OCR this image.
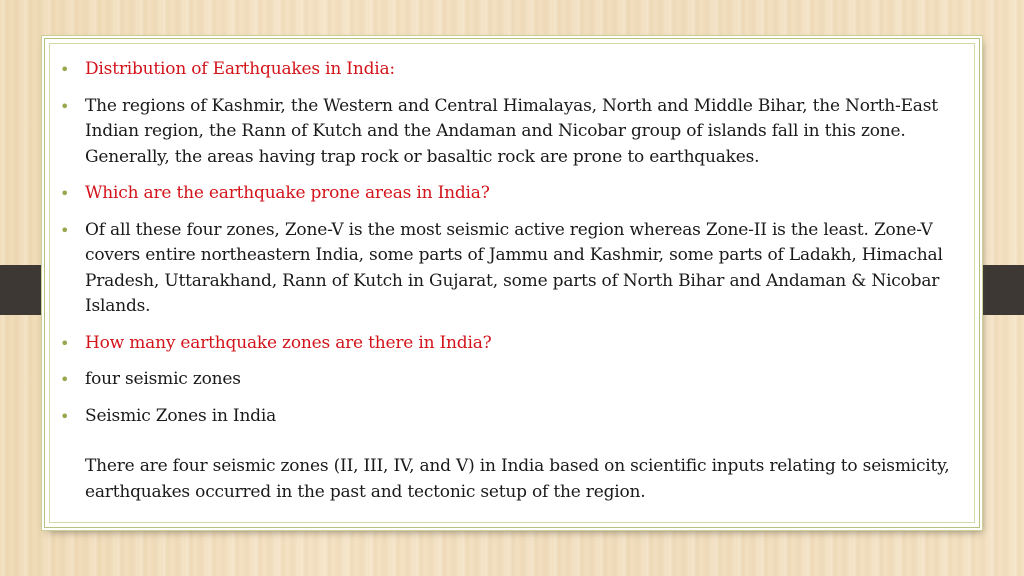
• Distribution of Earthquakes in India:
• The regions of Kashmir, the Western and Central Himalayas, North and Middle Bihar, the North-East Indian region, the Rann of Kutch and the Andaman and Nicobar group of islands fall in this zone. Generally, the areas having trap rock or basaltic rock are prone to earthquakes.
• Which are the earthquake prone areas in India?
• Of all these four zones, Zone-V is the most seismic active region whereas Zone-II is the least. Zone-V covers entire northeastern India, some parts of Jammu and Kashmir, some parts of Ladakh, Himachal Pradesh, Uttarakhand, Rann of Kutch in Gujarat, some parts of North Bihar and Andaman & Nicobar Islands.
• How many earthquake zones are there in India?
• four seismic zones
• Seismic Zones in India
There are four seismic zones (II, III, IV, and V) in India based on scientific inputs relating to seismicity, earthquakes occurred in the past and tectonic setup of the region.
